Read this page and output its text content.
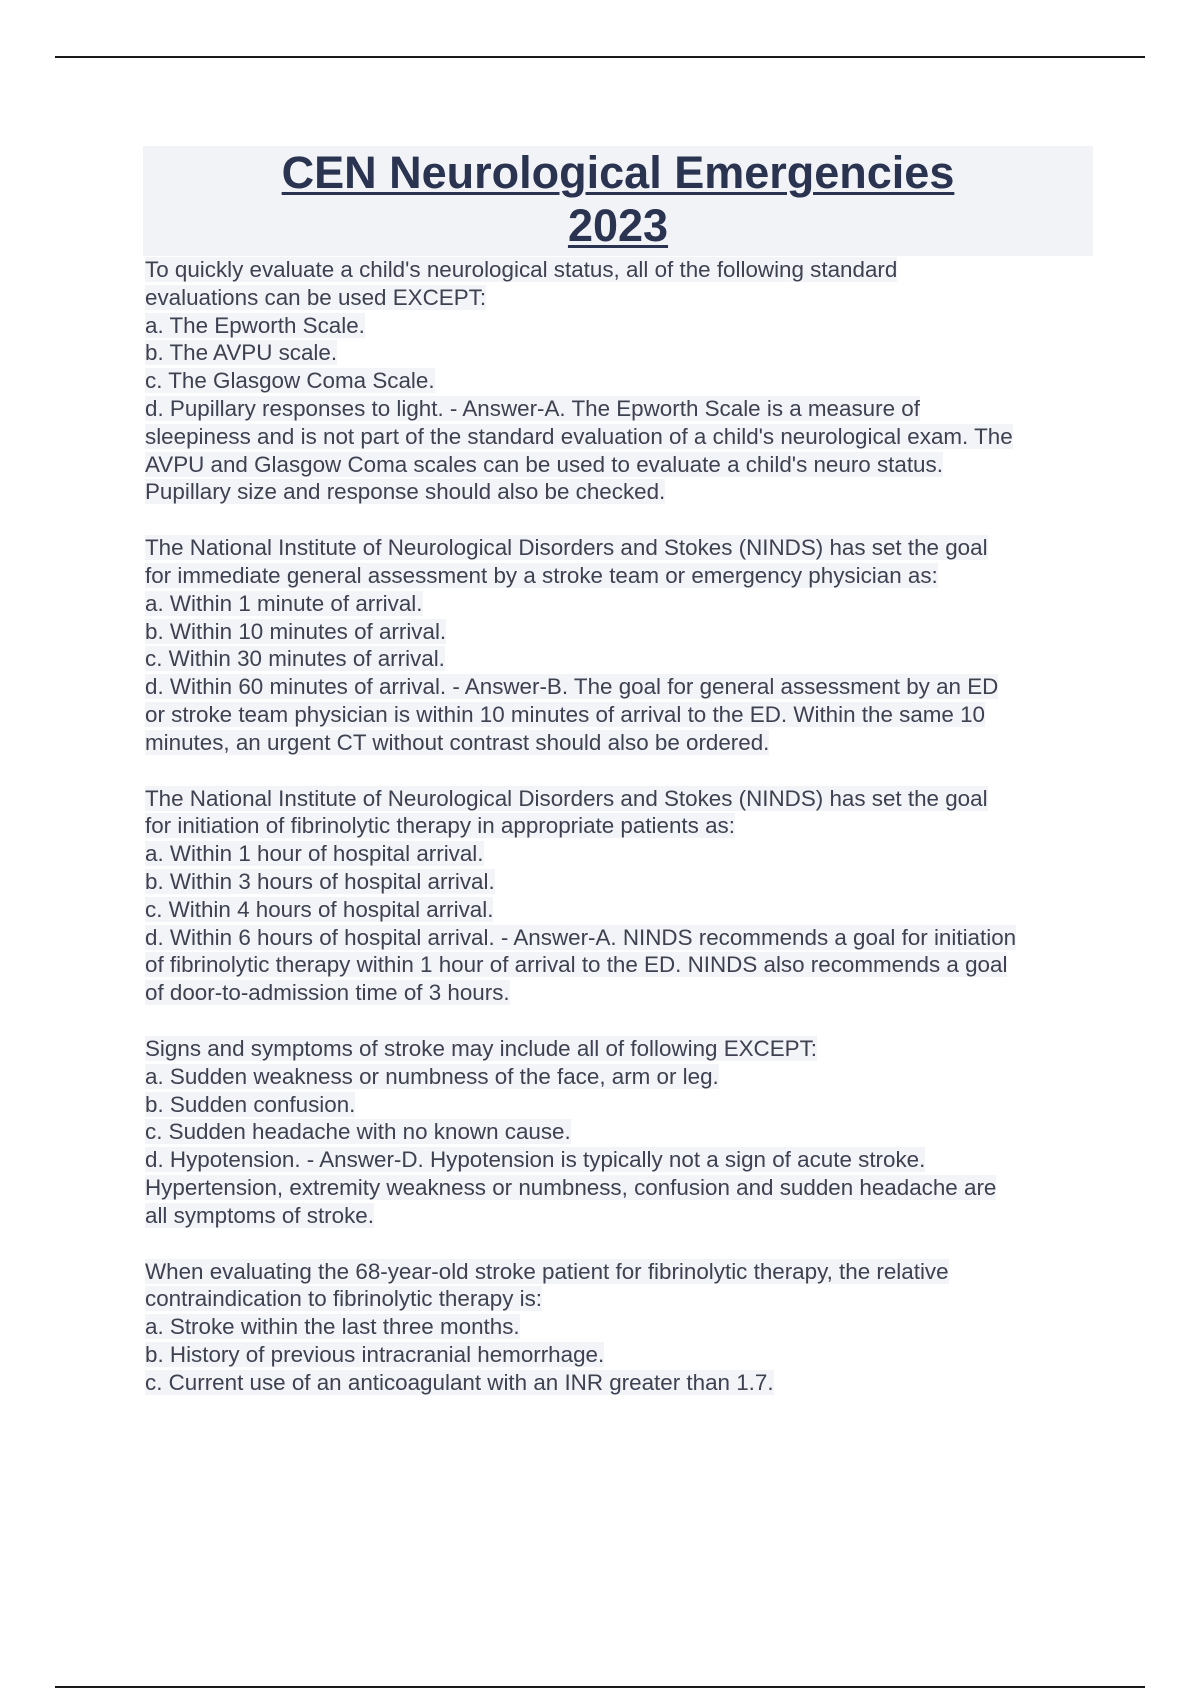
CEN Neurological Emergencies
2023

To quickly evaluate a child's neurological status, all of the following standard

evaluations can be used EXCEPT:

a. The Epworth Scale.

b. The AVPU scale.

c. The Glasgow Coma Scale.

d. Pupillary responses to light. - Answer-A. The Epworth Scale is a measure of

sleepiness and is not part of the standard evaluation of a child's neurological exam. The

AVPU and Glasgow Coma scales can be used to evaluate a child's neuro status.

Pupillary size and response should also be checked.

The National Institute of Neurological Disorders and Stokes (NINDS) has set the goal

for immediate general assessment by a stroke team or emergency physician as:

a. Within 1 minute of arrival.

b. Within 10 minutes of arrival.

c. Within 30 minutes of arrival.

d. Within 60 minutes of arrival. - Answer-B. The goal for general assessment by an ED

or stroke team physician is within 10 minutes of arrival to the ED. Within the same 10

minutes, an urgent CT without contrast should also be ordered.

The National Institute of Neurological Disorders and Stokes (NINDS) has set the goal

for initiation of fibrinolytic therapy in appropriate patients as:

a. Within 1 hour of hospital arrival.

b. Within 3 hours of hospital arrival.

c. Within 4 hours of hospital arrival.

d. Within 6 hours of hospital arrival. - Answer-A. NINDS recommends a goal for initiation

of fibrinolytic therapy within 1 hour of arrival to the ED. NINDS also recommends a goal

of door-to-admission time of 3 hours.

Signs and symptoms of stroke may include all of following EXCEPT:

a. Sudden weakness or numbness of the face, arm or leg.

b. Sudden confusion.

c. Sudden headache with no known cause.

d. Hypotension. - Answer-D. Hypotension is typically not a sign of acute stroke.

Hypertension, extremity weakness or numbness, confusion and sudden headache are

all symptoms of stroke.

When evaluating the 68-year-old stroke patient for fibrinolytic therapy, the relative

contraindication to fibrinolytic therapy is:

a. Stroke within the last three months.

b. History of previous intracranial hemorrhage.

c. Current use of an anticoagulant with an INR greater than 1.7.
